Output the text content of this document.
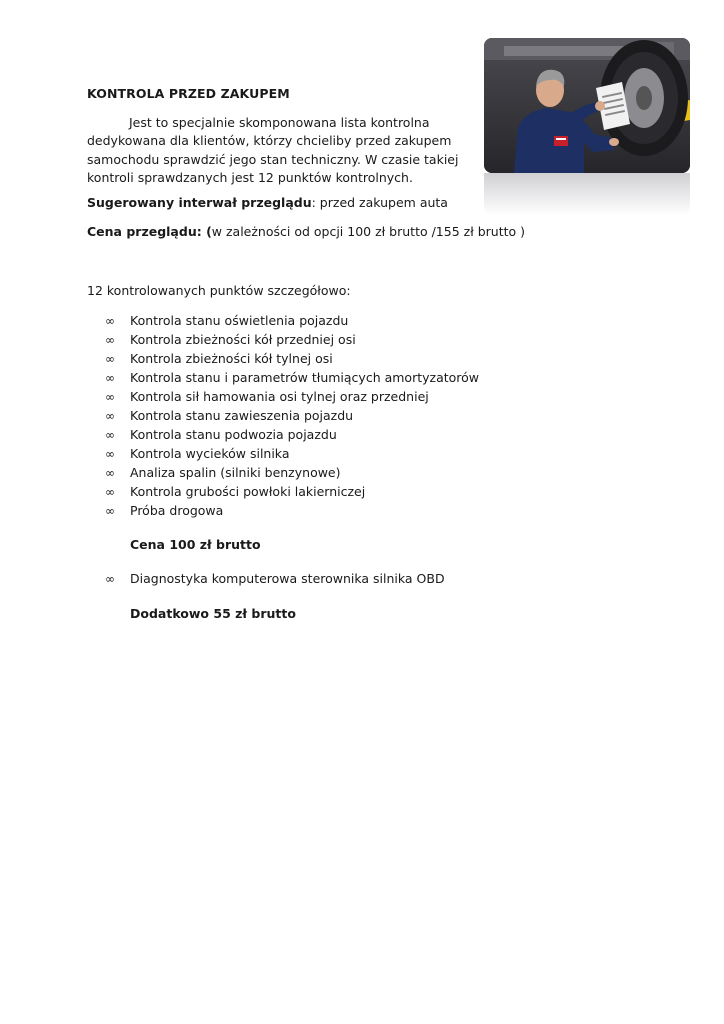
KONTROLA PRZED ZAKUPEM
Jest to specjalnie skomponowana lista kontrolna dedykowana dla klientów, którzy chcieliby przed zakupem samochodu sprawdzić jego stan techniczny. W czasie takiej kontroli sprawdzanych jest 12 punktów kontrolnych.
Sugerowany interwał przeglądu: przed zakupem auta
Cena przeglądu: (w zależności od opcji 100 zł brutto /155 zł brutto )
12 kontrolowanych punktów szczegółowo:
∞ Kontrola stanu oświetlenia pojazdu
∞ Kontrola zbieżności kół przedniej osi
∞ Kontrola zbieżności kół tylnej osi
∞ Kontrola stanu i parametrów tłumiących amortyzatorów
∞ Kontrola sił hamowania osi tylnej oraz przedniej
∞ Kontrola stanu zawieszenia pojazdu
∞ Kontrola stanu podwozia pojazdu
∞ Kontrola wycieków silnika
∞ Analiza spalin (silniki benzynowe)
∞ Kontrola grubości powłoki lakierniczej
∞ Próba drogowa
Cena 100 zł brutto
∞ Diagnostyka komputerowa sterownika silnika OBD
Dodatkowo 55 zł brutto
